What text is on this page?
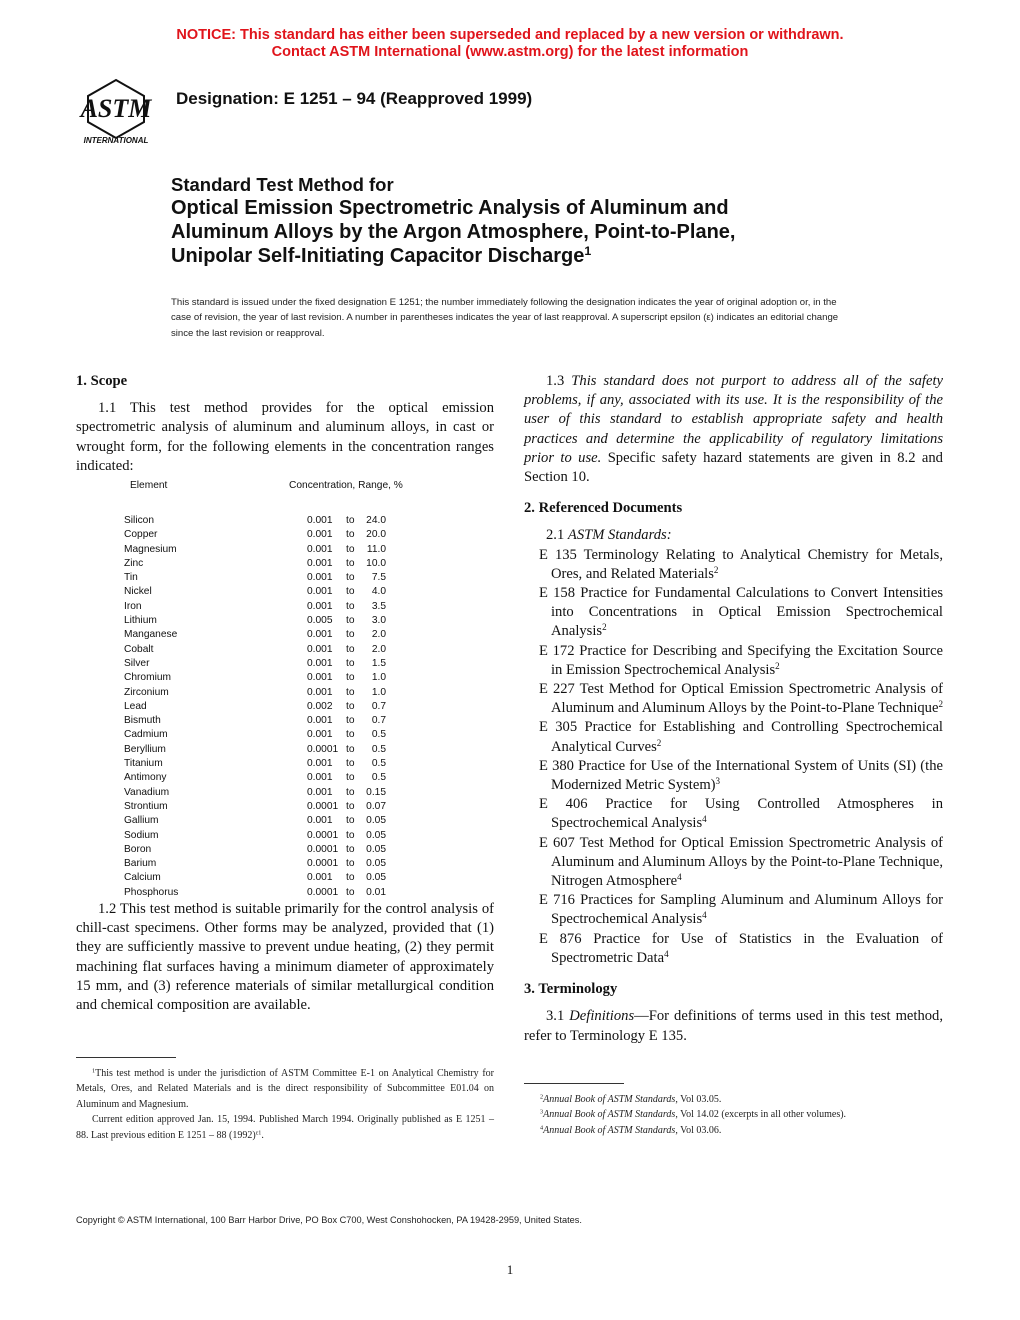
NOTICE: This standard has either been superseded and replaced by a new version or withdrawn.
Contact ASTM International (www.astm.org) for the latest information
ASTM
INTERNATIONAL
Designation: E 1251 – 94 (Reapproved 1999)
Standard Test Method for
Optical Emission Spectrometric Analysis of Aluminum and
Aluminum Alloys by the Argon Atmosphere, Point-to-Plane,
Unipolar Self-Initiating Capacitor Discharge$^1$
This standard is issued under the fixed designation E 1251; the number immediately following the designation indicates the year of original adoption or, in the case of revision, the year of last revision. A number in parentheses indicates the year of last reapproval. A superscript epsilon (ε) indicates an editorial change since the last revision or reapproval.
1. Scope

1.1 This test method provides for the optical emission spectrometric analysis of aluminum and aluminum alloys, in cast or wrought form, for the following elements in the concentration ranges indicated:

Element	Concentration, Range, %
Silicon	0.001 to	24.0
Copper	0.001 to	20.0
Magnesium	0.001 to	11.0
Zinc	0.001 to	10.0
Tin	0.001 to	7.5
Nickel	0.001 to	4.0
Iron	0.001 to	3.5
Lithium	0.005 to	3.0
Manganese	0.001 to	2.0
Cobalt	0.001 to	2.0
Silver	0.001 to	1.5
Chromium	0.001 to	1.0
Zirconium	0.001 to	1.0
Lead	0.002 to	0.7
Bismuth	0.001 to	0.7
Cadmium	0.001 to	0.5
Beryllium	0.0001 to	0.5
Titanium	0.001 to	0.5
Antimony	0.001 to	0.5
Vanadium	0.001 to	0.15
Strontium	0.0001 to	0.07
Gallium	0.001 to	0.05
Sodium	0.0001 to	0.05
Boron	0.0001 to	0.05
Barium	0.0001 to	0.05
Calcium	0.001 to	0.05
Phosphorus	0.0001 to	0.01

1.2 This test method is suitable primarily for the control analysis of chill-cast specimens. Other forms may be analyzed, provided that (1) they are sufficiently massive to prevent undue heating, (2) they permit machining flat surfaces having a minimum diameter of approximately 15 mm, and (3) reference materials of similar metallurgical condition and chemical composition are available.

$^1$This test method is under the jurisdiction of ASTM Committee E-1 on Analytical Chemistry for Metals, Ores, and Related Materials and is the direct responsibility of Subcommittee E01.04 on Aluminum and Magnesium.

Current edition approved Jan. 15, 1994. Published March 1994. Originally published as E 1251 – 88. Last previous edition E 1251 – 88 $(1992)^{\varepsilon 1}$.

1.3 This standard does not purport to address all of the safety problems, if any, associated with its use. It is the responsibility of the user of this standard to establish appropriate safety and health practices and determine the applicability of regulatory limitations prior to use. Specific safety hazard statements are given in 8.2 and Section 10.

2. Referenced Documents

2.1 ASTM Standards:

E 135 Terminology Relating to Analytical Chemistry for Metals, Ores, and Related Materials$^2$
E 158 Practice for Fundamental Calculations to Convert Intensities into Concentrations in Optical Emission Spectrochemical Analysis$^2$
E 172 Practice for Describing and Specifying the Excitation Source in Emission Spectrochemical Analysis$^2$
E 227 Test Method for Optical Emission Spectrometric Analysis of Aluminum and Aluminum Alloys by the Point-to-Plane Technique$^2$
E 305 Practice for Establishing and Controlling Spectrochemical Analytical Curves$^2$
E 380 Practice for Use of the International System of Units (SI) (the Modernized Metric System)$^3$
E 406 Practice for Using Controlled Atmospheres in Spectrochemical Analysis$^4$
E 607 Test Method for Optical Emission Spectrometric Analysis of Aluminum and Aluminum Alloys by the Point-to-Plane Technique, Nitrogen Atmosphere$^4$
E 716 Practices for Sampling Aluminum and Aluminum Alloys for Spectrochemical Analysis$^4$
E 876 Practice for Use of Statistics in the Evaluation of Spectrometric Data$^4$
3. Terminology

3.1 Definitions—For definitions of terms used in this test method, refer to Terminology E 135.

$^2$Annual Book of ASTM Standards, Vol 03.05.
$^3$Annual Book of ASTM Standards, Vol 14.02 (excerpts in all other volumes).
$^4$Annual Book of ASTM Standards, Vol 03.06.
Copyright © ASTM International, 100 Barr Harbor Drive, PO Box C700, West Conshohocken, PA 19428-2959, United States.
1
